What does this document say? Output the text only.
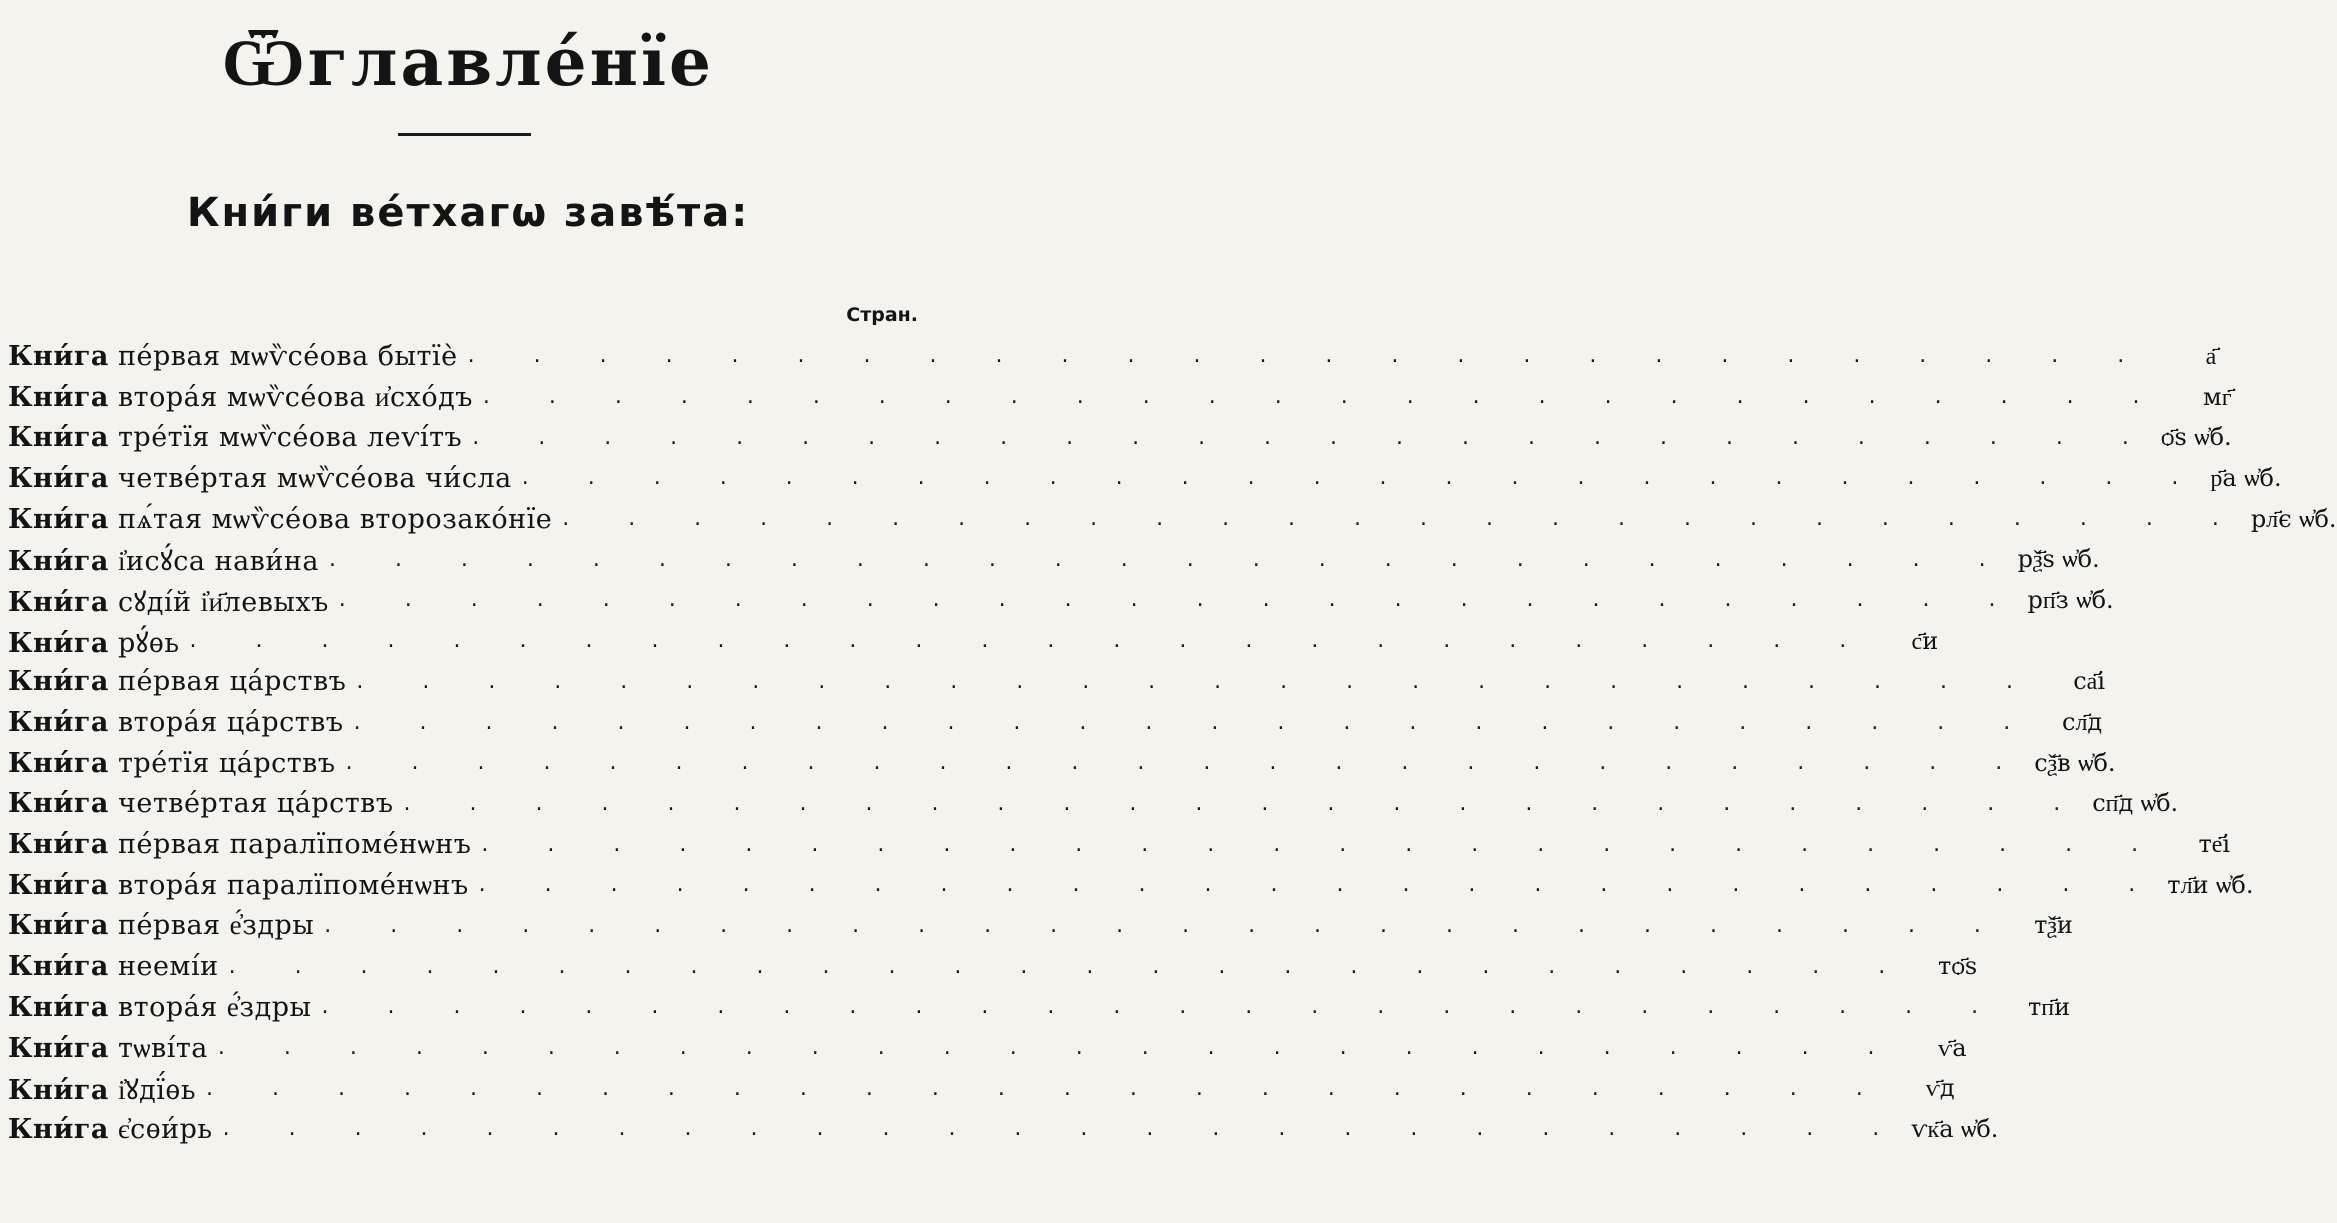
Ѿглавле́нїе
Кни́ги ве́тхагѡ завѣ́та:
Стран.
Кни́га пе́рвая мѡѷсе́ова бытїѐ . . . . . . . . . . . . . . . . . . . . . . . . . .	а҃
Кни́га втора́я мѡѷсе́ова и҆схо́дъ . . . . . . . . . . . . . . . . . . . . . . . . . .	мг҃
Кни́га тре́тїя мѡѷсе́ова леѵі́тъ . . . . . . . . . . . . . . . . . . . . . . . . . . ѻ҃ѕ ѡ҆б.
Кни́га четве́ртая мѡѷсе́ова чи́сла . . . . . . . . . . . . . . . . . . . . . . . . . . р҃а ѡ҆б.
Кни́га пѧ́тая мѡѷсе́ова второзако́нїе . . . . . . . . . . . . . . . . . . . . . . . . . . рл҃є ѡ҆б.
Кни́га і҆исꙋ́са нави́на . . . . . . . . . . . . . . . . . . . . . . . . . . рѯ҃ѕ ѡ҆б.
Кни́га сꙋді́й і҆и҃левыхъ . . . . . . . . . . . . . . . . . . . . . . . . . . рп҃з ѡ҆б.
Кни́га рꙋ́ѳь . . . . . . . . . . . . . . . . . . . . . . . . . .	с҃и
Кни́га пе́рвая ца́рствъ . . . . . . . . . . . . . . . . . . . . . . . . . .	са҃і
Кни́га втора́я ца́рствъ . . . . . . . . . . . . . . . . . . . . . . . . . .	сл҃д
Кни́га тре́тїя ца́рствъ . . . . . . . . . . . . . . . . . . . . . . . . . . сѯ҃в ѡ҆б.
Кни́га четве́ртая ца́рствъ . . . . . . . . . . . . . . . . . . . . . . . . . . сп҃д ѡ҆б.
Кни́га пе́рвая паралїпоме́нѡнъ . . . . . . . . . . . . . . . . . . . . . . . . . .	те҃і
Кни́га втора́я паралїпоме́нѡнъ . . . . . . . . . . . . . . . . . . . . . . . . . . тл҃и ѡ҆б.
Кни́га пе́рвая е҆́здры . . . . . . . . . . . . . . . . . . . . . . . . . .	тѯ҃и
Кни́га неемі́и . . . . . . . . . . . . . . . . . . . . . . . . . .	тѻ҃ѕ
Кни́га втора́я е҆́здры . . . . . . . . . . . . . . . . . . . . . . . . . . тп҃и
Кни́га тѡві́та . . . . . . . . . . . . . . . . . . . . . . . . . .	ѵ҃а
Кни́га і҆ꙋдї́ѳь . . . . . . . . . . . . . . . . . . . . . . . . . .	ѵ҃д
Кни́га є҆сѳи́рь . . . . . . . . . . . . . . . . . . . . . . . . . . ѵк҃а ѡ҆б.
